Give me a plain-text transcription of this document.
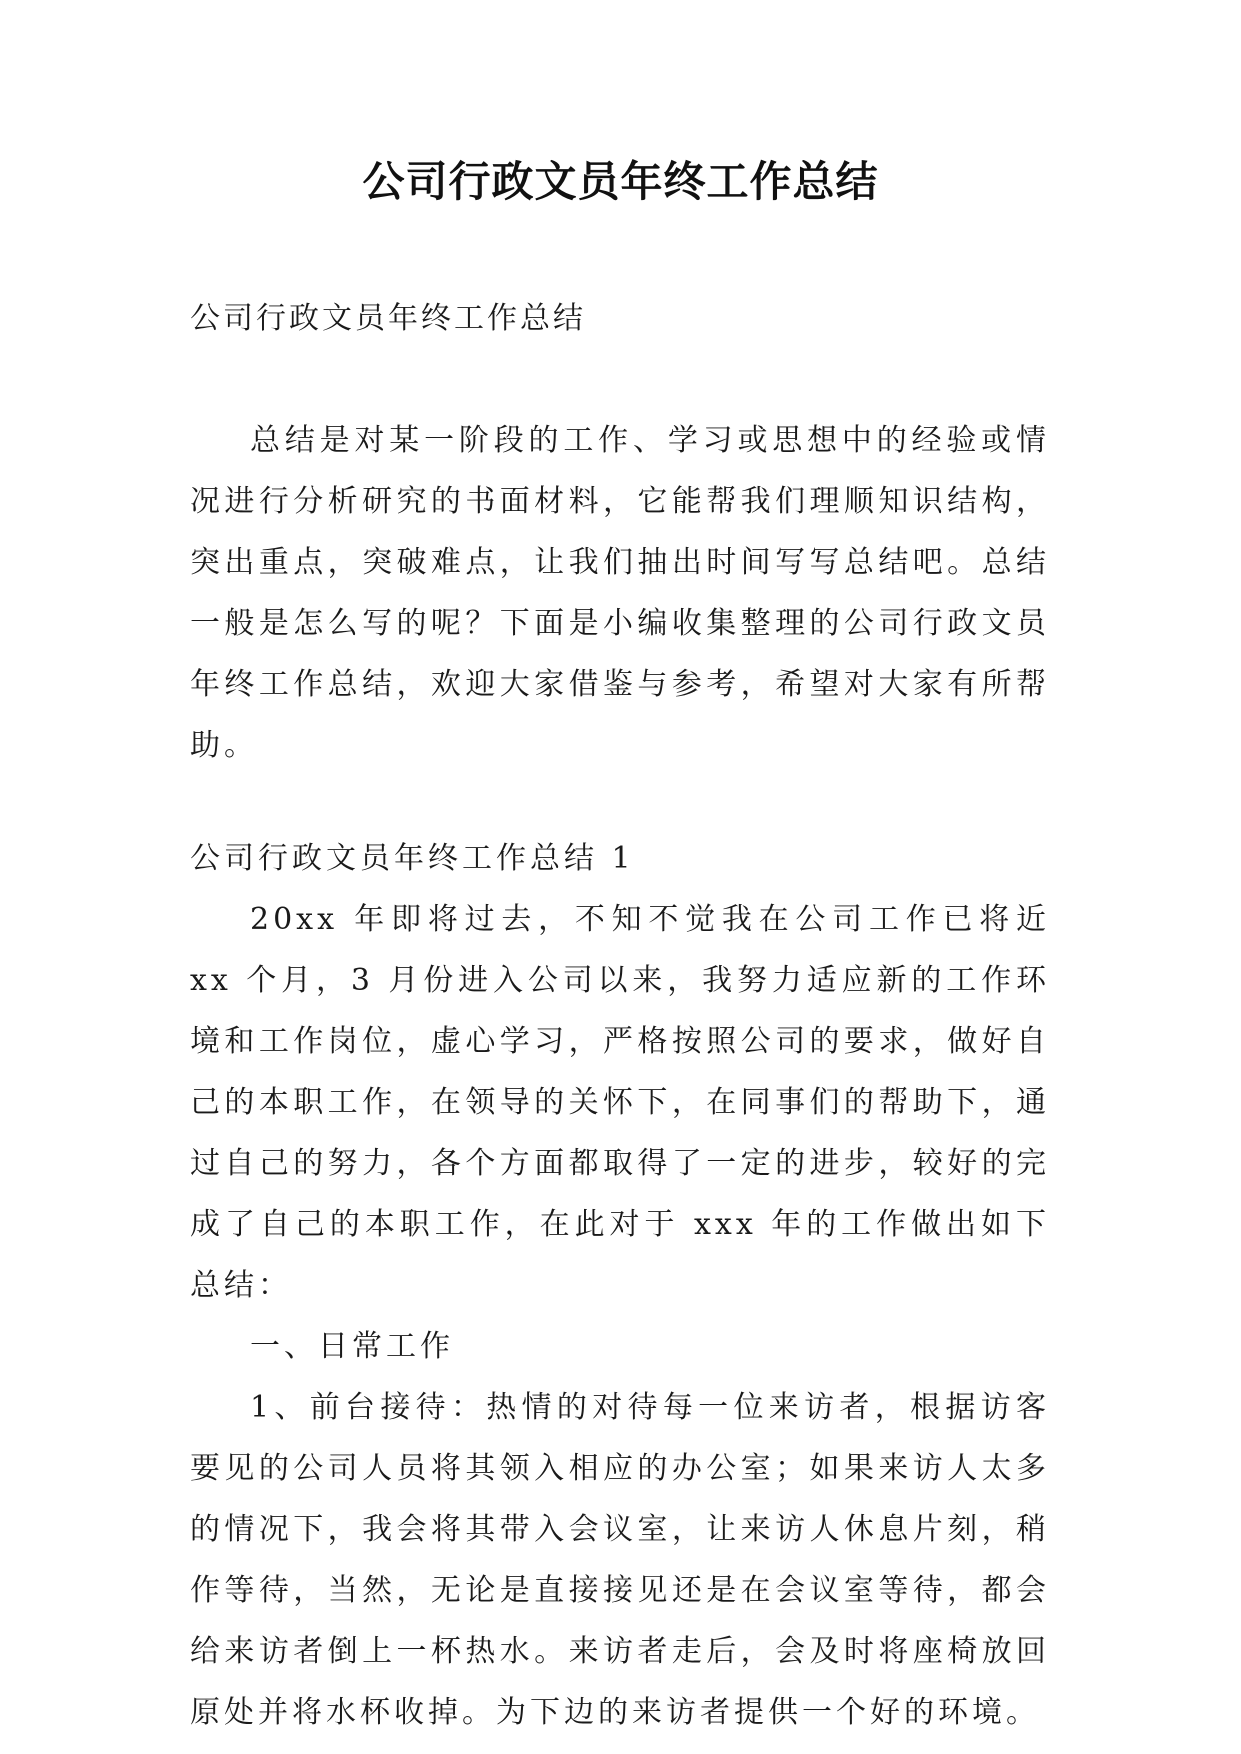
公司行政文员年终工作总结

公司行政文员年终工作总结

总结是对某一阶段的工作、学习或思想中的经验或情况进行分析研究的书面材料，它能帮我们理顺知识结构，突出重点，突破难点，让我们抽出时间写写总结吧。总结一般是怎么写的呢？下面是小编收集整理的公司行政文员年终工作总结，欢迎大家借鉴与参考，希望对大家有所帮助。

公司行政文员年终工作总结 1

20xx 年即将过去，不知不觉我在公司工作已将近 xx 个月，3 月份进入公司以来，我努力适应新的工作环境和工作岗位，虚心学习，严格按照公司的要求，做好自己的本职工作，在领导的关怀下，在同事们的帮助下，通过自己的努力，各个方面都取得了一定的进步，较好的完成了自己的本职工作，在此对于 xxx 年的工作做出如下总结：

一、日常工作

1、前台接待：热情的对待每一位来访者，根据访客要见的公司人员将其领入相应的办公室；如果来访人太多的情况下，我会将其带入会议室，让来访人休息片刻，稍作等待，当然，无论是直接接见还是在会议室等待，都会给来访者倒上一杯热水。来访者走后，会及时将座椅放回原处并将水杯收掉。为下边的来访者提供一个好的环境。
